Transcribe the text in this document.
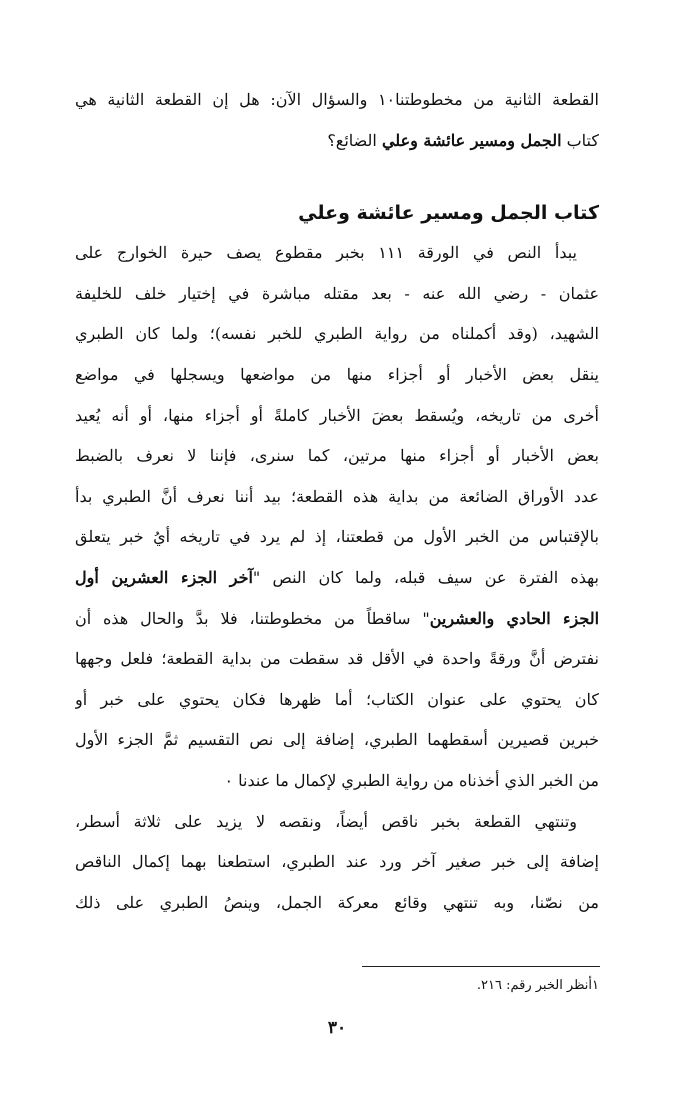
القطعة الثانية من مخطوطتنا١٠ والسؤال الآن: هل إن القطعة الثانية هي
كتاب الجمل ومسير عائشة وعلي الضائع؟

كتاب الجمل ومسير عائشة وعلي

يبدأ النص في الورقة ١١١ بخبر مقطوع يصف حيرة الخوارج على
عثمان - رضي الله عنه - بعد مقتله مباشرة في إختيار خلف للخليفة
الشهيد، (وقد أكملناه من رواية الطبري للخبر نفسه)؛ ولما كان الطبري
ينقل بعض الأخبار أو أجزاء منها من مواضعها ويسجلها في مواضع
أخرى من تاريخه، ويُسقط بعضَ الأخبار كاملةً أو أجزاء منها، أو أنه يُعيد
بعض الأخبار أو أجزاء منها مرتين، كما سنرى، فإننا لا نعرف بالضبط
عدد الأوراق الضائعة من بداية هذه القطعة؛ بيد أننا نعرف أنَّ الطبري بدأ
بالإقتباس من الخبر الأول من قطعتنا، إذ لم يرد في تاريخه أيُ خبر يتعلق
بهذه الفترة عن سيف قبله، ولما كان النص "آخر الجزء العشرين أول
الجزء الحادي والعشرين" ساقطاً من مخطوطتنا، فلا بدَّ والحال هذه أن
نفترض أنَّ ورقةً واحدة في الأقل قد سقطت من بداية القطعة؛ فلعل وجهها
كان يحتوي على عنوان الكتاب؛ أما ظهرها فكان يحتوي على خبر أو
خبرين قصيرين أسقطهما الطبري، إضافة إلى نص التقسيم ثمَّ الجزء الأول
من الخبر الذي أخذناه من رواية الطبري لإكمال ما عندنا ٠

وتنتهي القطعة بخبر ناقص أيضاً، ونقصه لا يزيد على ثلاثة أسطر،
إضافة إلى خبر صغير آخر ورد عند الطبري، استطعنا بهما إكمال الناقص
من نصّنا، وبه تنتهي وقائع معركة الجمل، وينصُ الطبري على ذلك

١أنظر الخبر رقم: ٢١٦.
٣٠
